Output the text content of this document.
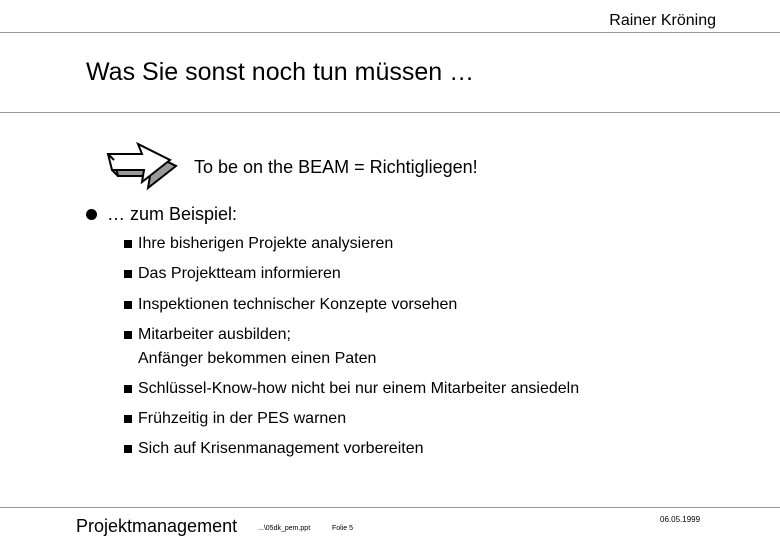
Rainer Kröning
Was Sie sonst noch tun müssen …
To be on the BEAM = Richtigliegen!
… zum Beispiel:
Ihre bisherigen Projekte analysieren
Das Projektteam informieren
Inspektionen technischer Konzepte vorsehen
Mitarbeiter ausbilden;
Anfänger bekommen einen Paten
Schlüssel-Know-how nicht bei nur einem Mitarbeiter ansiedeln
Frühzeitig in der PES warnen
Sich auf Krisenmanagement vorbereiten
Projektmanagement	...\05dk_pem.ppt	Folie 5
06.05.1999
